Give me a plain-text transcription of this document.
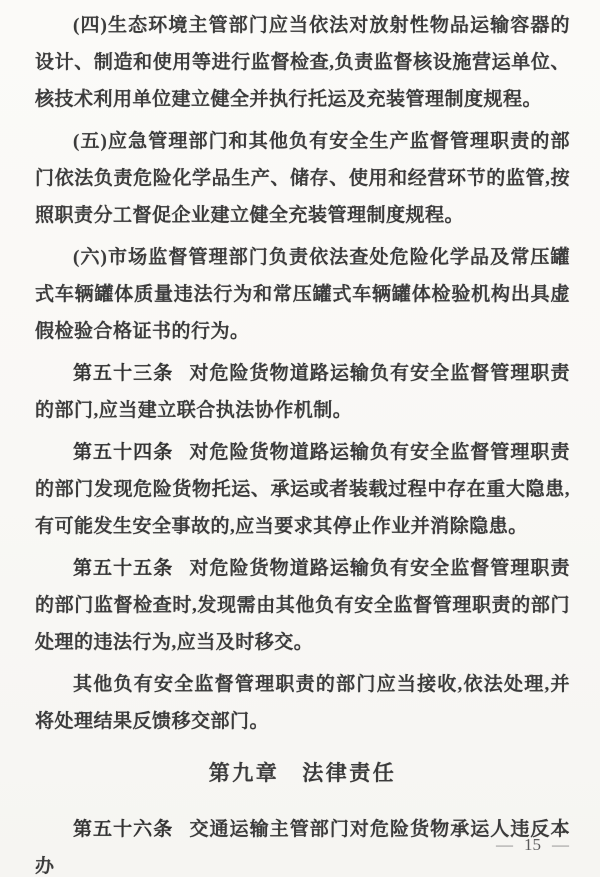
(四)生态环境主管部门应当依法对放射性物品运输容器的设计、制造和使用等进行监督检查,负责监督核设施营运单位、核技术利用单位建立健全并执行托运及充装管理制度规程。

(五)应急管理部门和其他负有安全生产监督管理职责的部门依法负责危险化学品生产、储存、使用和经营环节的监管,按照职责分工督促企业建立健全充装管理制度规程。

(六)市场监督管理部门负责依法查处危险化学品及常压罐式车辆罐体质量违法行为和常压罐式车辆罐体检验机构出具虚假检验合格证书的行为。

第五十三条 对危险货物道路运输负有安全监督管理职责的部门,应当建立联合执法协作机制。

第五十四条 对危险货物道路运输负有安全监督管理职责的部门发现危险货物托运、承运或者装载过程中存在重大隐患,有可能发生安全事故的,应当要求其停止作业并消除隐患。

第五十五条 对危险货物道路运输负有安全监督管理职责的部门监督检查时,发现需由其他负有安全监督管理职责的部门处理的违法行为,应当及时移交。

其他负有安全监督管理职责的部门应当接收,依法处理,并将处理结果反馈移交部门。

第九章 法律责任

第五十六条 交通运输主管部门对危险货物承运人违反本办

— 15 —
